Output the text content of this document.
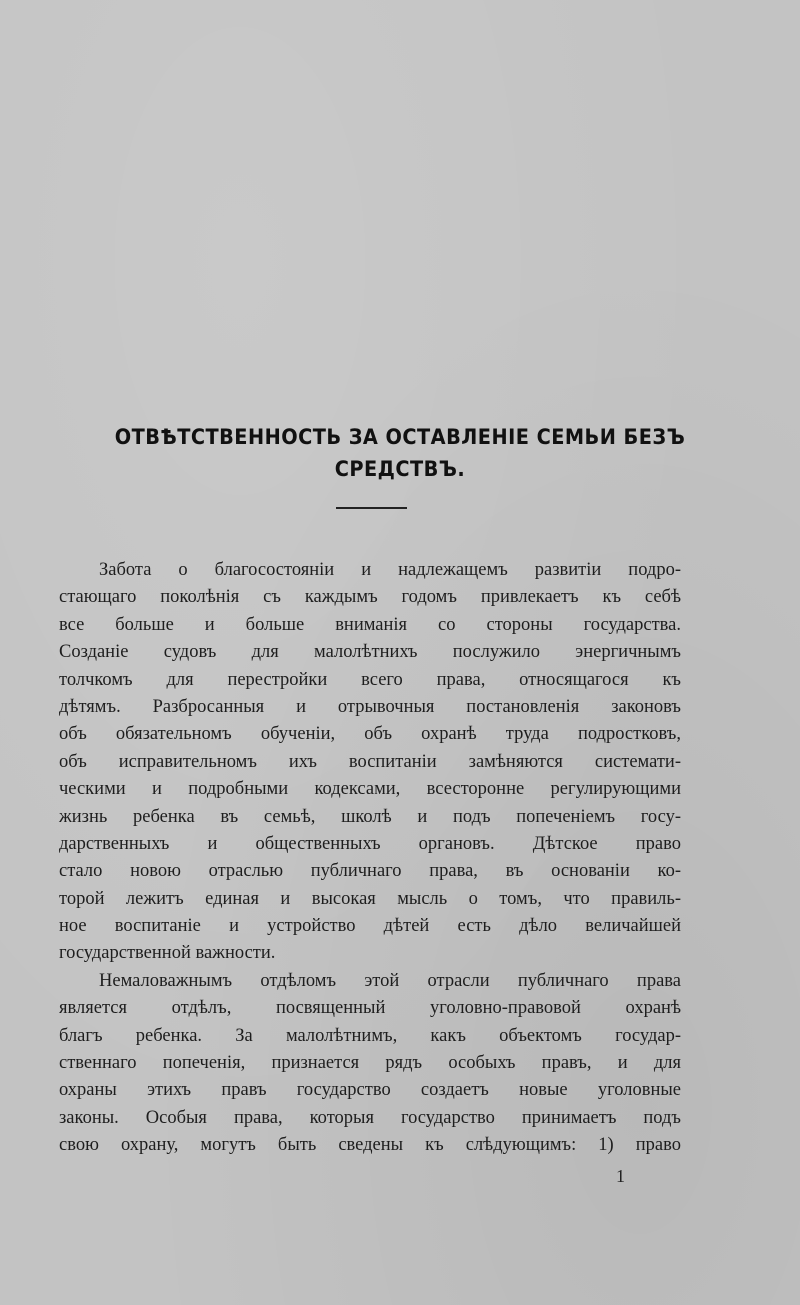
ОТВѢТСТВЕННОСТЬ ЗА ОСТАВЛЕНІЕ СЕМЬИ БЕЗЪ
СРЕДСТВЪ.
Забота о благосостояніи и надлежащемъ развитіи подро-
стающаго поколѣнія съ каждымъ годомъ привлекаетъ къ себѣ
все больше и больше вниманія со стороны государства.
Созданіе судовъ для малолѣтнихъ послужило энергичнымъ
толчкомъ для перестройки всего права, относящагося къ
дѣтямъ. Разбросанныя и отрывочныя постановленія законовъ
объ обязательномъ обученіи, объ охранѣ труда подростковъ,
объ исправительномъ ихъ воспитаніи замѣняются системати-
ческими и подробными кодексами, всесторонне регулирующими
жизнь ребенка въ семьѣ, школѣ и подъ попеченіемъ госу-
дарственныхъ и общественныхъ органовъ. Дѣтское право
стало новою отраслью публичнаго права, въ основаніи ко-
торой лежитъ единая и высокая мысль о томъ, что правиль-
ное воспитаніе и устройство дѣтей есть дѣло величайшей
государственной важности.
Немаловажнымъ отдѣломъ этой отрасли публичнаго права
является отдѣлъ, посвященный уголовно-правовой охранѣ
благъ ребенка. За малолѣтнимъ, какъ объектомъ государ-
ственнаго попеченія, признается рядъ особыхъ правъ, и для
охраны этихъ правъ государство создаетъ новые уголовные
законы. Особыя права, которыя государство принимаетъ подъ
свою охрану, могутъ быть сведены къ слѣдующимъ: 1) право
1
